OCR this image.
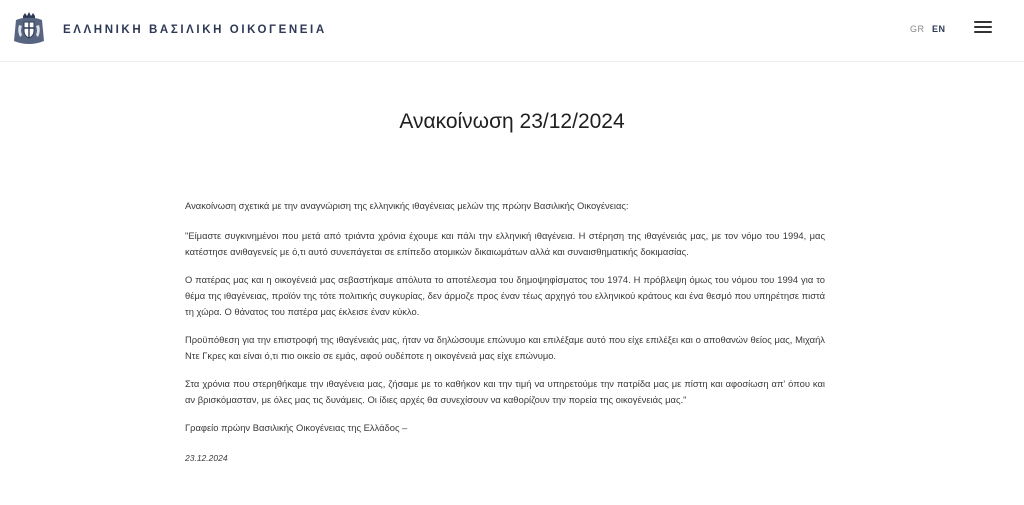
ΕΛΛΗΝΙΚΗ ΒΑΣΙΛΙΚΗ ΟΙΚΟΓΕΝΕΙΑ	GR EN
Ανακοίνωση 23/12/2024

Ανακοίνωση σχετικά με την αναγνώριση της ελληνικής ιθαγένειας μελών της πρώην Βασιλικής Οικογένειας:

"Είμαστε συγκινημένοι που μετά από τριάντα χρόνια έχουμε και πάλι την ελληνική ιθαγένεια. Η στέρηση της ιθαγένειάς μας, με τον νόμο του 1994, μας κατέστησε ανιθαγενείς με ό,τι αυτό συνεπάγεται σε επίπεδο ατομικών δικαιωμάτων αλλά και συναισθηματικής δοκιμασίας.

Ο πατέρας μας και η οικογένειά μας σεβαστήκαμε απόλυτα το αποτέλεσμα του δημοψηφίσματος του 1974. Η πρόβλεψη όμως του νόμου του 1994 για το θέμα της ιθαγένειας, προϊόν της τότε πολιτικής συγκυρίας, δεν άρμοζε προς έναν τέως αρχηγό του ελληνικού κράτους και ένα θεσμό που υπηρέτησε πιστά τη χώρα. Ο θάνατος του πατέρα μας έκλεισε έναν κύκλο.

Προϋπόθεση για την επιστροφή της ιθαγένειάς μας, ήταν να δηλώσουμε επώνυμο και επιλέξαμε αυτό που είχε επιλέξει και ο αποθανών θείος μας, Μιχαήλ Ντε Γκρες και είναι ό,τι πιο οικείο σε εμάς, αφού ουδέποτε η οικογένειά μας είχε επώνυμο.

Στα χρόνια που στερηθήκαμε την ιθαγένεια μας, ζήσαμε με το καθήκον και την τιμή να υπηρετούμε την πατρίδα μας με πίστη και αφοσίωση απ' όπου και αν βρισκόμασταν, με όλες μας τις δυνάμεις. Οι ίδιες αρχές θα συνεχίσουν να καθορίζουν την πορεία της οικογένειάς μας."

Γραφείο πρώην Βασιλικής Οικογένειας της Ελλάδος –

23.12.2024
